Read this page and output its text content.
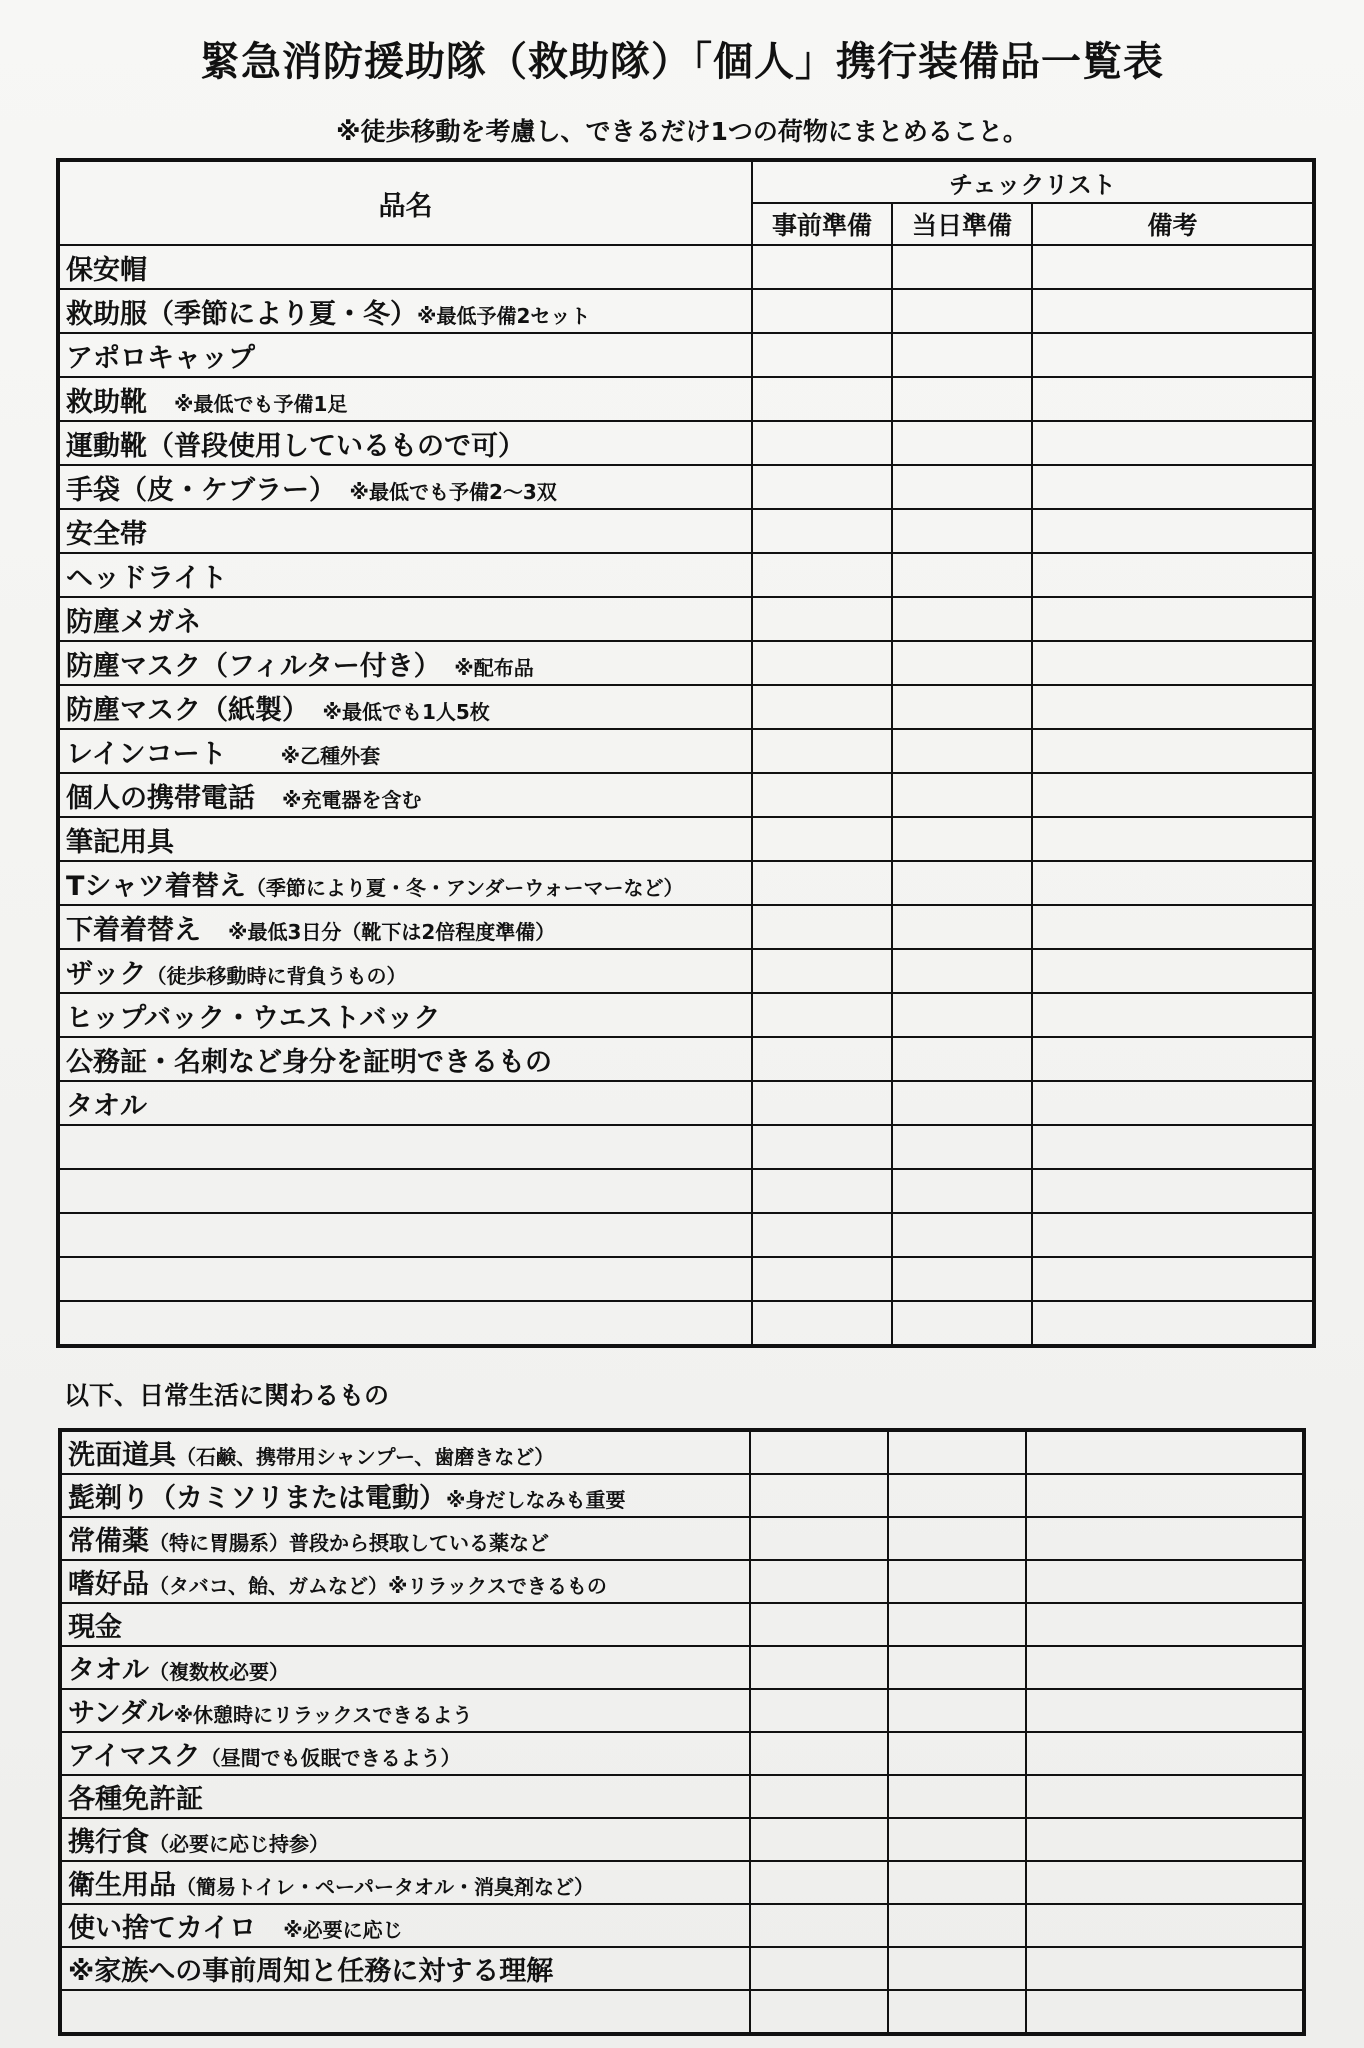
緊急消防援助隊（救助隊）「個人」携行装備品一覧表
※徒歩移動を考慮し、できるだけ1つの荷物にまとめること。
品名	チェックリスト		
	事前準備	当日準備	備考
保安帽			
救助服（季節により夏・冬）※最低予備2セット			
アポロキャップ			
救助靴　※最低でも予備1足			
運動靴（普段使用しているもので可）			
手袋（皮・ケブラー）　※最低でも予備2～3双			
安全帯			
ヘッドライト			
防塵メガネ			
防塵マスク（フィルター付き）　※配布品			
防塵マスク（紙製）　※最低でも1人5枚			
レインコート　　※乙種外套			
個人の携帯電話　※充電器を含む			
筆記用具			
Tシャツ着替え（季節により夏・冬・アンダーウォーマーなど）			
下着着替え　※最低3日分（靴下は2倍程度準備）			
ザック（徒歩移動時に背負うもの）			
ヒップバック・ウエストバック			
公務証・名刺など身分を証明できるもの			
タオル			

以下、日常生活に関わるもの
洗面道具（石鹸、携帯用シャンプー、歯磨きなど）			
髭剃り（カミソリまたは電動）※身だしなみも重要			
常備薬（特に胃腸系）普段から摂取している薬など			
嗜好品（タバコ、飴、ガムなど）※リラックスできるもの			
現金			
タオル（複数枚必要）			
サンダル※休憩時にリラックスできるよう			
アイマスク（昼間でも仮眠できるよう）			
各種免許証			
携行食（必要に応じ持参）			
衛生用品（簡易トイレ・ペーパータオル・消臭剤など）			
使い捨てカイロ　※必要に応じ			
※家族への事前周知と任務に対する理解			
